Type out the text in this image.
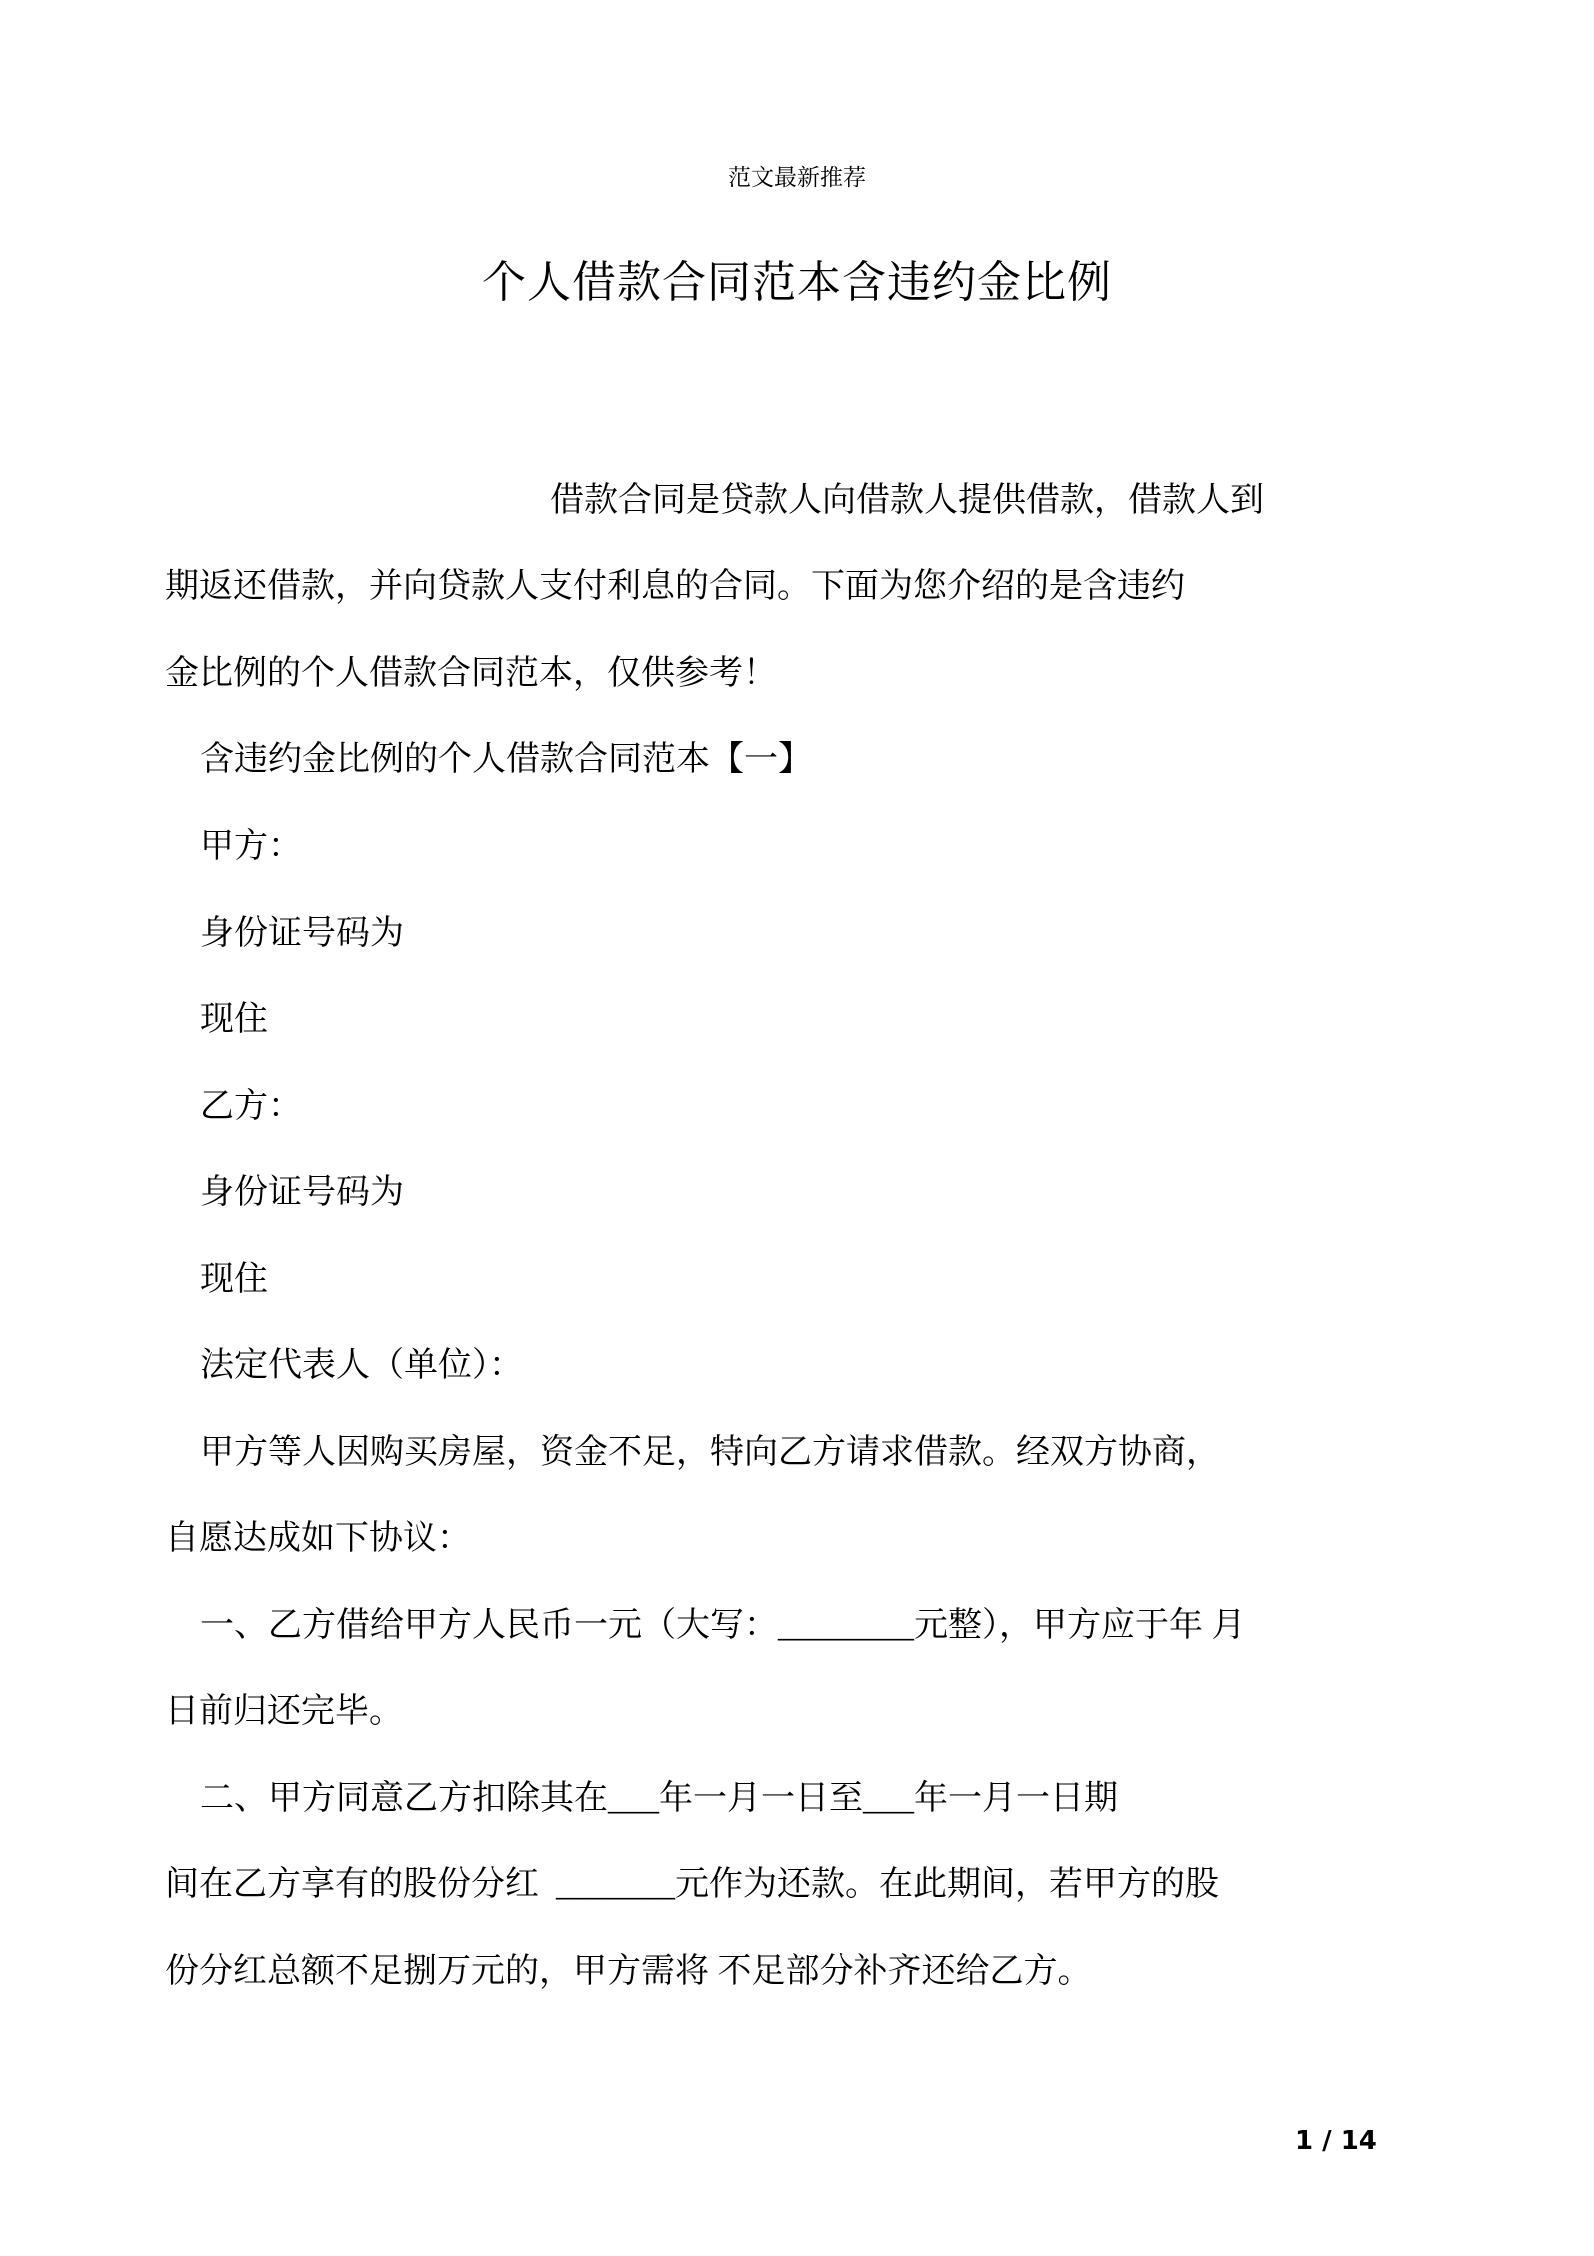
范文最新推荐
个人借款合同范本含违约金比例
借款合同是贷款人向借款人提供借款，借款人到
期返还借款，并向贷款人支付利息的合同。下面为您介绍的是含违约
金比例的个人借款合同范本，仅供参考！
含违约金比例的个人借款合同范本【一】
甲方：
身份证号码为
现住
乙方：
身份证号码为
现住
法定代表人（单位）：
甲方等人因购买房屋，资金不足，特向乙方请求借款。经双方协商，
自愿达成如下协议：
一、乙方借给甲方人民币一元（大写：________元整），甲方应于年 月
日前归还完毕。
二、甲方同意乙方扣除其在___年一月一日至___年一月一日期
间在乙方享有的股份分红  _______元作为还款。在此期间，若甲方的股
份分红总额不足捌万元的，甲方需将 不足部分补齐还给乙方。
1 / 14
